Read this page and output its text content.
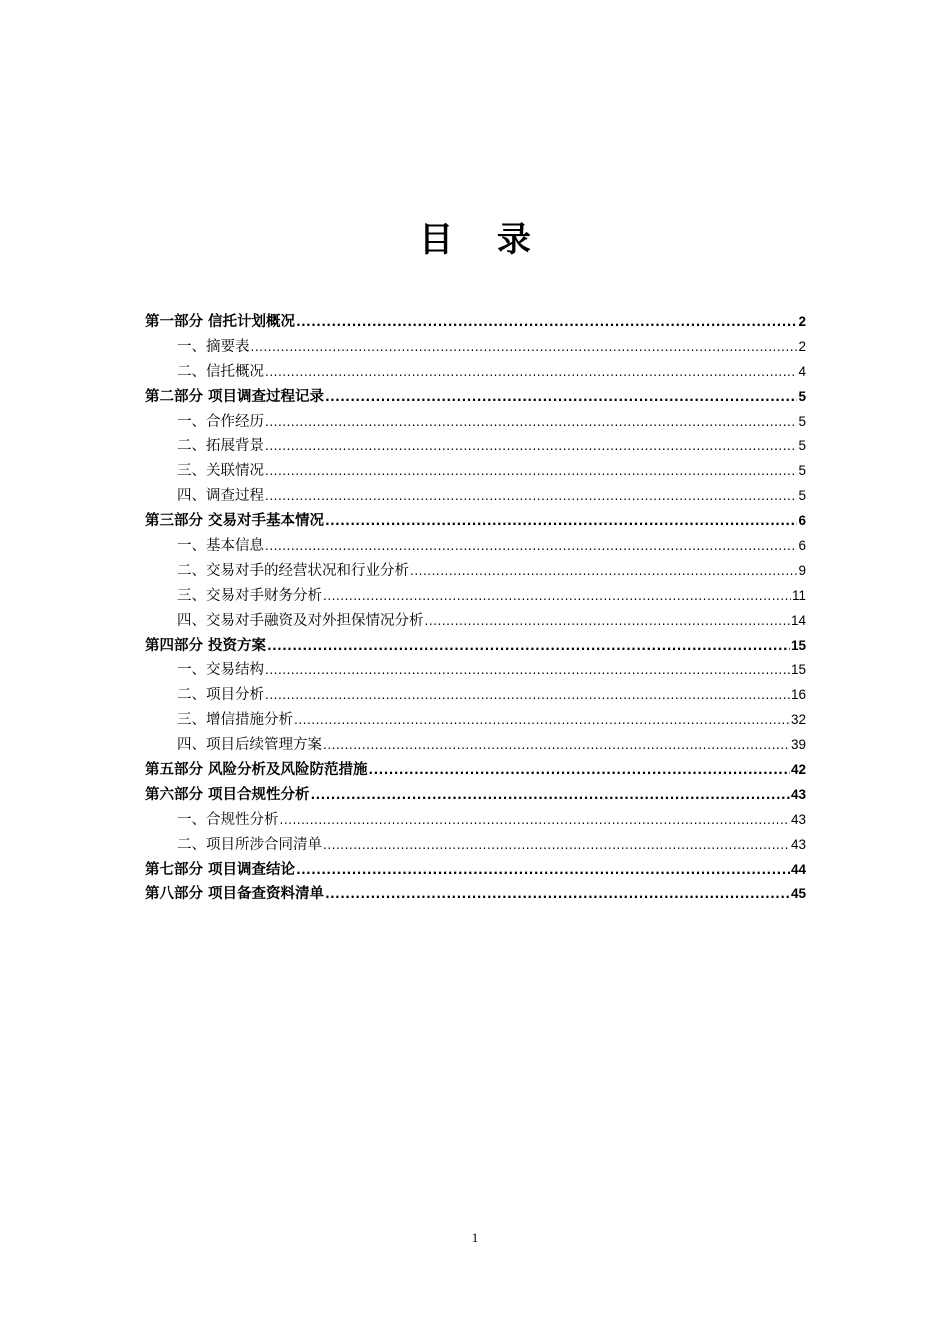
目 录
第一部分 信托计划概况 .....	2
一、摘要表 .....	2
二、信托概况 .....	4
第二部分 项目调查过程记录 .....	5
一、合作经历 .....	5
二、拓展背景 .....	5
三、关联情况 .....	5
四、调查过程 .....	5
第三部分 交易对手基本情况 .....	6
一、基本信息 .....	6
二、交易对手的经营状况和行业分析 .....	9
三、交易对手财务分析 .....	11
四、交易对手融资及对外担保情况分析 .....	14
第四部分 投资方案 .....	15
一、交易结构 .....	15
二、项目分析 .....	16
三、增信措施分析 .....	32
四、项目后续管理方案 .....	39
第五部分 风险分析及风险防范措施 .....	42
第六部分 项目合规性分析 .....	43
一、合规性分析 .....	43
二、项目所涉合同清单 .....	43
第七部分 项目调查结论 .....	44
第八部分 项目备查资料清单 .....	45
1
